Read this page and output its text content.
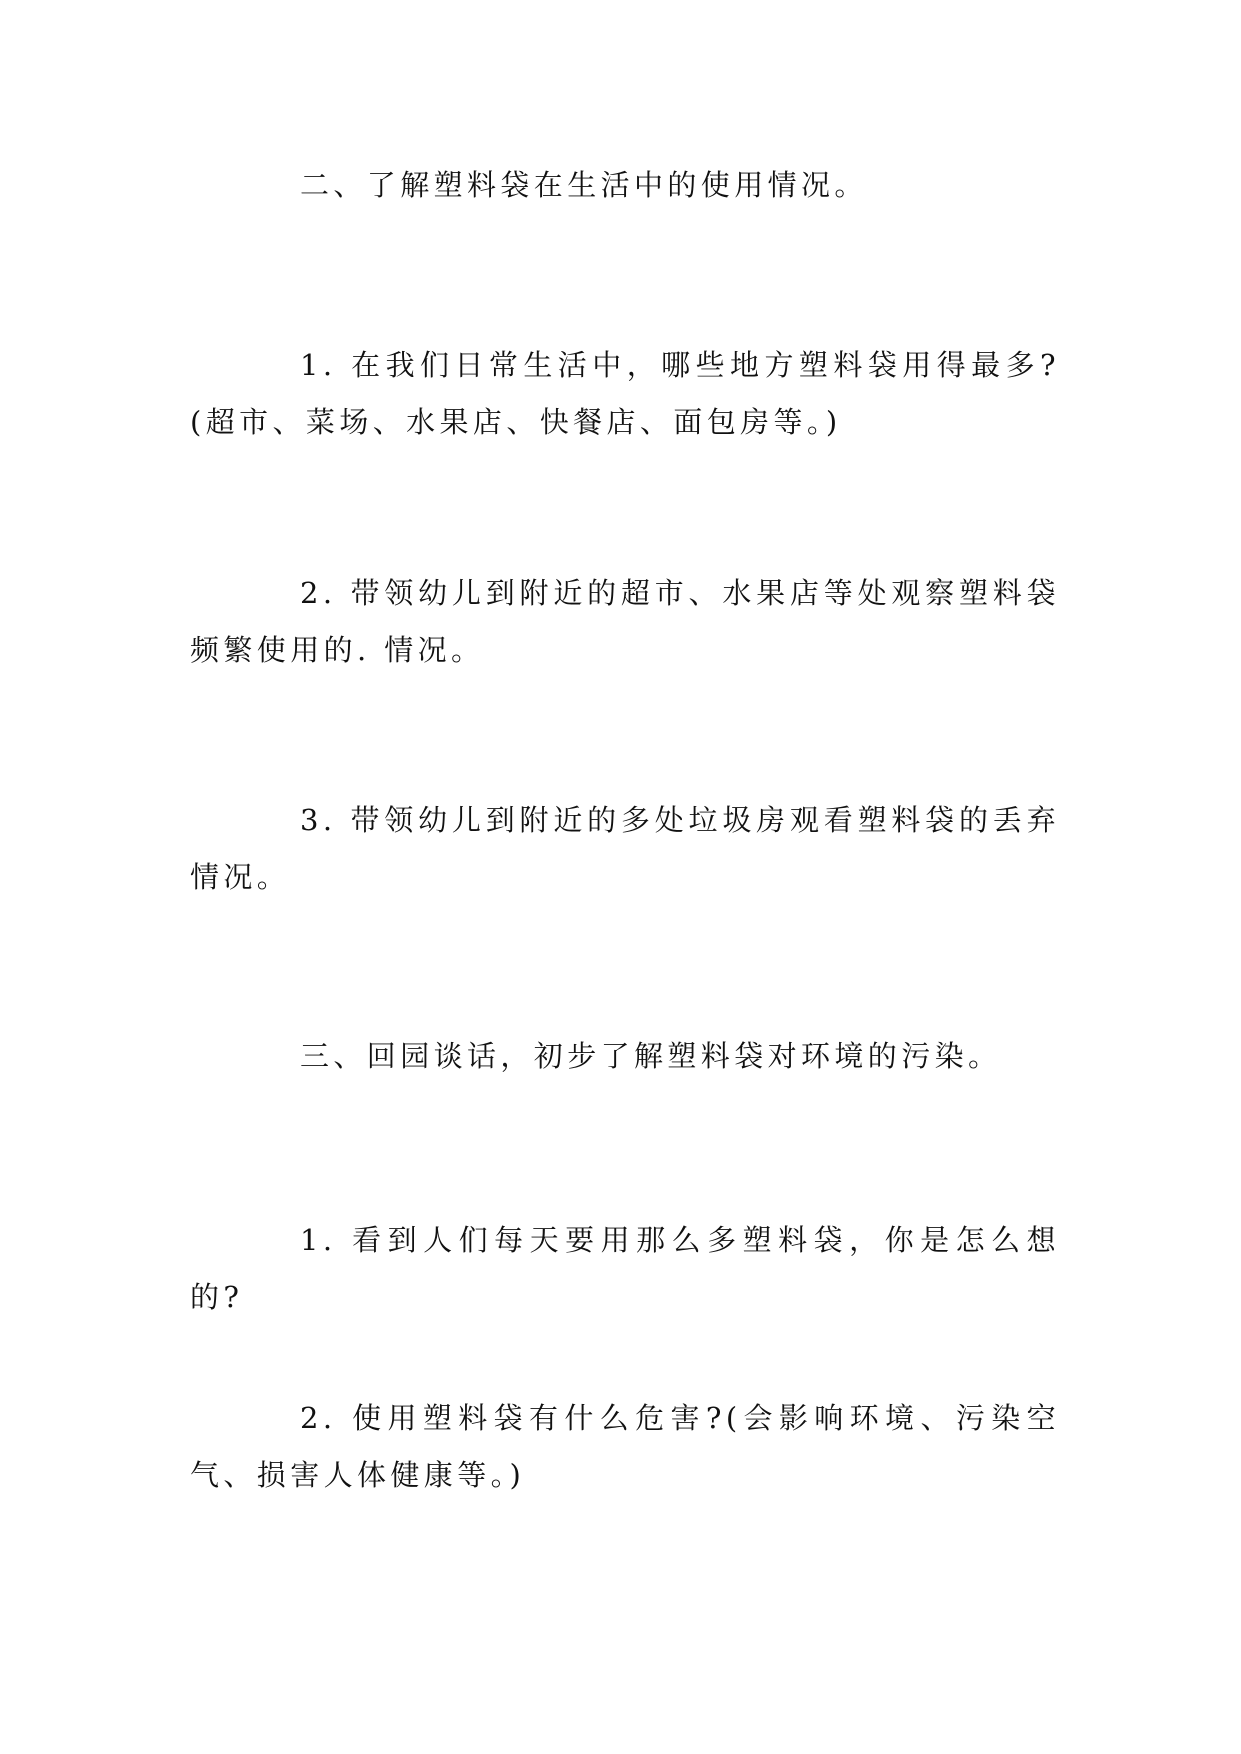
二、了解塑料袋在生活中的使用情况。

1. 在我们日常生活中，哪些地方塑料袋用得最多?(超市、菜场、水果店、快餐店、面包房等。)

2. 带领幼儿到附近的超市、水果店等处观察塑料袋频繁使用的. 情况。

3. 带领幼儿到附近的多处垃圾房观看塑料袋的丢弃情况。

三、回园谈话，初步了解塑料袋对环境的污染。

1. 看到人们每天要用那么多塑料袋，你是怎么想的?

2. 使用塑料袋有什么危害?(会影响环境、污染空气、损害人体健康等。)
